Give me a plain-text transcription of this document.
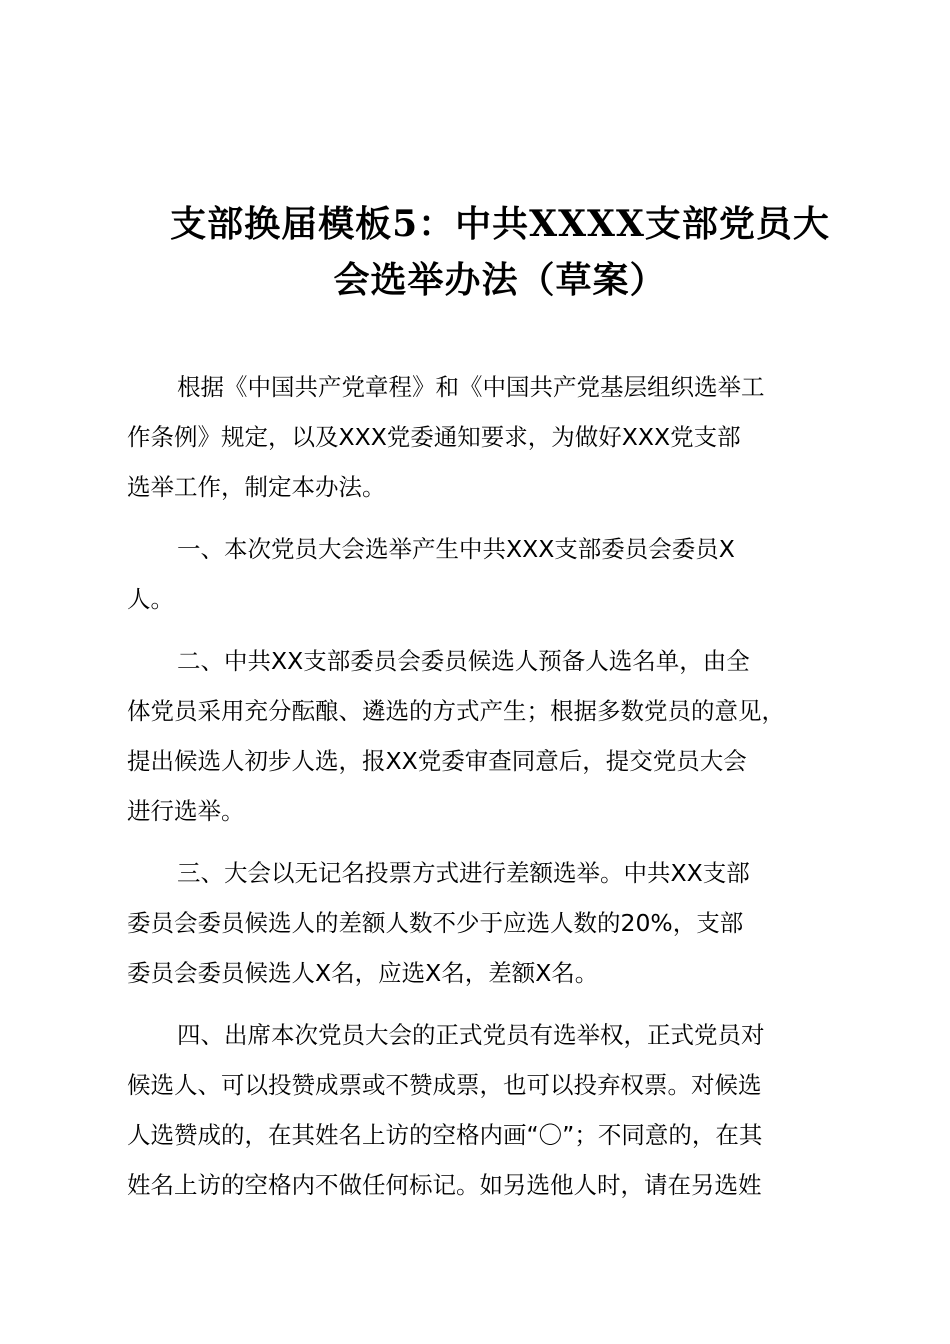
支部换届模板5：中共XXXX支部党员大
会选举办法（草案）
根据《中国共产党章程》和《中国共产党基层组织选举工
作条例》规定，以及XXX党委通知要求，为做好XXX党支部
选举工作，制定本办法。
一、本次党员大会选举产生中共XXX支部委员会委员X
人。
二、中共XX支部委员会委员候选人预备人选名单，由全
体党员采用充分酝酿、遴选的方式产生；根据多数党员的意见，
提出候选人初步人选，报XX党委审查同意后，提交党员大会
进行选举。
三、大会以无记名投票方式进行差额选举。中共XX支部
委员会委员候选人的差额人数不少于应选人数的20%，支部
委员会委员候选人X名，应选X名，差额X名。
四、出席本次党员大会的正式党员有选举权，正式党员对
候选人、可以投赞成票或不赞成票，也可以投弃权票。对候选
人选赞成的，在其姓名上访的空格内画“〇”；不同意的，在其
姓名上访的空格内不做任何标记。如另选他人时，请在另选姓
